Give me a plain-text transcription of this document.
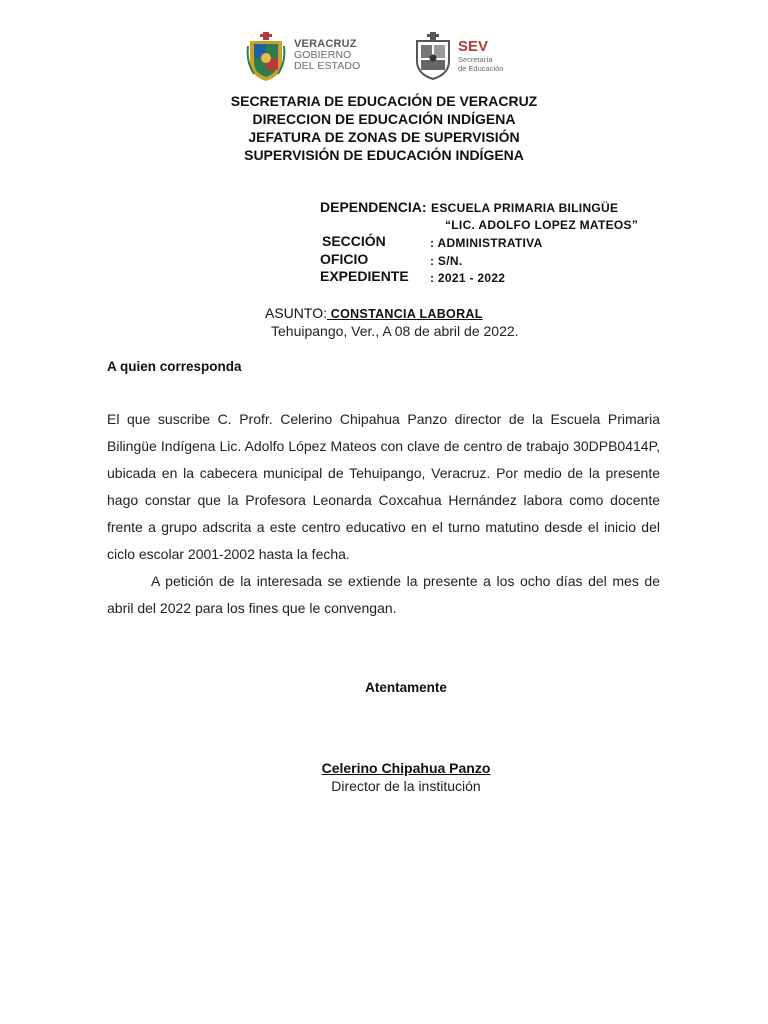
VERACRUZ
GOBIERNO
DEL ESTADO
SEV
Secretaría
de Educación
SECRETARIA DE EDUCACIÓN DE VERACRUZ
DIRECCION DE EDUCACIÓN INDÍGENA
JEFATURA DE ZONAS DE SUPERVISIÓN
SUPERVISIÓN DE EDUCACIÓN INDÍGENA
DEPENDENCIA: ESCUELA PRIMARIA BILINGÜE
“LIC. ADOLFO LOPEZ MATEOS”
SECCIÓN	: ADMINISTRATIVA
OFICIO	: S/N.
EXPEDIENTE : 2021 - 2022
ASUNTO: CONSTANCIA LABORAL
Tehuipango, Ver., A 08 de abril de 2022.
A quien corresponda

El que suscribe C. Profr. Celerino Chipahua Panzo director de la Escuela Primaria Bilingüe Indígena Lic. Adolfo López Mateos con clave de centro de trabajo 30DPB0414P, ubicada en la cabecera municipal de Tehuipango, Veracruz. Por medio de la presente hago constar que la Profesora Leonarda Coxcahua Hernández labora como docente frente a grupo adscrita a este centro educativo en el turno matutino desde el inicio del ciclo escolar 2001-2002 hasta la fecha.

A petición de la interesada se extiende la presente a los ocho días del mes de abril del 2022 para los fines que le convengan.

Atentamente
Celerino Chipahua Panzo
Director de la institución
